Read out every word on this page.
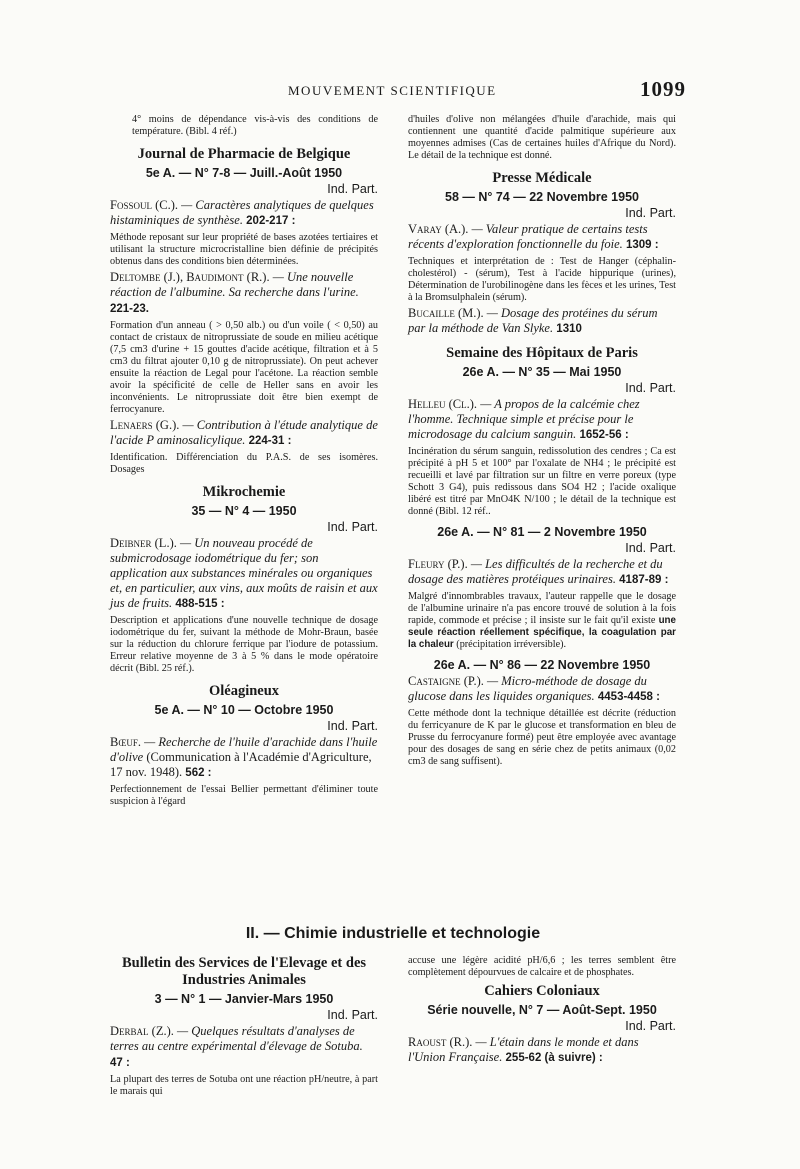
MOUVEMENT SCIENTIFIQUE	1099

4° moins de dépendance vis-à-vis des conditions de température. (Bibl. 4 réf.)

Journal de Pharmacie de Belgique

5e A. — N° 7-8 — Juill.-Août 1950

Ind. Part.

Fossoul (C.). — Caractères analytiques de quelques histaminiques de synthèse. 202-217 :

Méthode reposant sur leur propriété de bases azotées tertiaires et utilisant la structure microcristalline bien définie de précipités obtenus dans des conditions bien déterminées.

Deltombe (J.), Baudimont (R.). — Une nouvelle réaction de l'albumine. Sa recherche dans l'urine. 221-23.

Formation d'un anneau ( > 0,50 alb.) ou d'un voile ( < 0,50) au contact de cristaux de nitroprussiate de soude en milieu acétique (7,5 cm3 d'urine + 15 gouttes d'acide acétique, filtration et à 5 cm3 du filtrat ajouter 0,10 g de nitroprussiate). On peut achever ensuite la réaction de Legal pour l'acétone. La réaction semble avoir la spécificité de celle de Heller sans en avoir les inconvénients. Le nitroprussiate doit être bien exempt de ferrocyanure.

Lenaers (G.). — Contribution à l'étude analytique de l'acide P aminosalicylique. 224-31 :

Identification. Différenciation du P.A.S. de ses isomères. Dosages

Mikrochemie

35 — N° 4 — 1950

Ind. Part.

Deibner (L.). — Un nouveau procédé de submicrodosage iodométrique du fer; son application aux substances minérales ou organiques et, en particulier, aux vins, aux moûts de raisin et aux jus de fruits. 488-515 :

Description et applications d'une nouvelle technique de dosage iodométrique du fer, suivant la méthode de Mohr-Braun, basée sur la réduction du chlorure ferrique par l'iodure de potassium. Erreur relative moyenne de 3 à 5 % dans le mode opératoire décrit (Bibl. 25 réf.).

Oléagineux

5e A. — N° 10 — Octobre 1950

Ind. Part.

Bœuf. — Recherche de l'huile d'arachide dans l'huile d'olive (Communication à l'Académie d'Agriculture, 17 nov. 1948). 562 :

Perfectionnement de l'essai Bellier permettant d'éliminer toute suspicion à l'égard

d'huiles d'olive non mélangées d'huile d'arachide, mais qui contiennent une quantité d'acide palmitique supérieure aux moyennes admises (Cas de certaines huiles d'Afrique du Nord). Le détail de la technique est donné.

Presse Médicale

58 — N° 74 — 22 Novembre 1950

Ind. Part.

Varay (A.). — Valeur pratique de certains tests récents d'exploration fonctionnelle du foie. 1309 :

Techniques et interprétation de : Test de Hanger (céphalin-cholestérol) - (sérum), Test à l'acide hippurique (urines), Détermination de l'urobilinogène dans les fèces et les urines, Test à la Bromsulphalein (sérum).

Bucaille (M.). — Dosage des protéines du sérum par la méthode de Van Slyke. 1310

Semaine des Hôpitaux de Paris

26e A. — N° 35 — Mai 1950

Ind. Part.

Helleu (Cl.). — A propos de la calcémie chez l'homme. Technique simple et précise pour le microdosage du calcium sanguin. 1652-56 :

Incinération du sérum sanguin, redissolution des cendres ; Ca est précipité à pH 5 et 100° par l'oxalate de NH4 ; le précipité est recueilli et lavé par filtration sur un filtre en verre poreux (type Schott 3 G4), puis redissous dans SO4 H2 ; l'acide oxalique libéré est titré par MnO4K N/100 ; le détail de la technique est donné (Bibl. 12 réf..

26e A. — N° 81 — 2 Novembre 1950

Ind. Part.

Fleury (P.). — Les difficultés de la recherche et du dosage des matières protéiques urinaires. 4187-89 :

Malgré d'innombrables travaux, l'auteur rappelle que le dosage de l'albumine urinaire n'a pas encore trouvé de solution à la fois rapide, commode et précise ; il insiste sur le fait qu'il existe une seule réaction réellement spécifique, la coagulation par la chaleur (précipitation irréversible).

26e A. — N° 86 — 22 Novembre 1950

Castaigne (P.). — Micro-méthode de dosage du glucose dans les liquides organiques. 4453-4458 :

Cette méthode dont la technique détaillée est décrite (réduction du ferricyanure de K par le glucose et transformation en bleu de Prusse du ferrocyanure formé) peut être employée avec avantage pour des dosages de sang en série chez de petits animaux (0,02 cm3 de sang suffisent).

II. — Chimie industrielle et technologie

Bulletin des Services de l'Elevage et des Industries Animales

3 — N° 1 — Janvier-Mars 1950

Ind. Part.

Derbal (Z.). — Quelques résultats d'analyses de terres au centre expérimental d'élevage de Sotuba. 47 :

La plupart des terres de Sotuba ont une réaction pH/neutre, à part le marais qui

accuse une légère acidité pH/6,6 ; les terres semblent être complètement dépourvues de calcaire et de phosphates.

Cahiers Coloniaux

Série nouvelle, N° 7 — Août-Sept. 1950

Ind. Part.

Raoust (R.). — L'étain dans le monde et dans l'Union Française. 255-62 (à suivre) :
